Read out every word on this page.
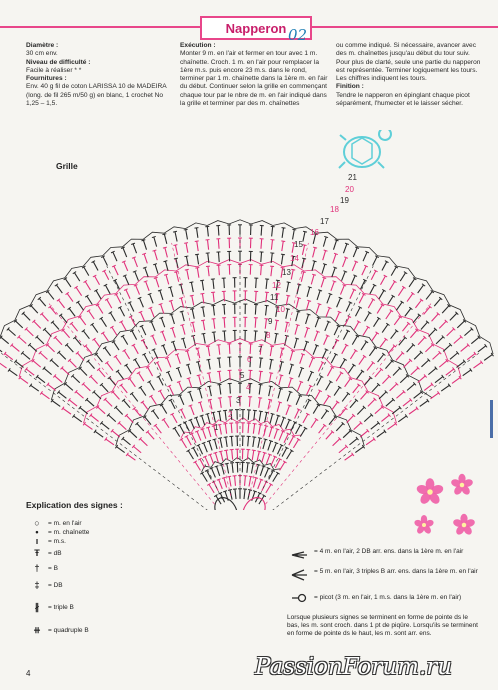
Napperon 02
Diamètre :
30 cm env.
Niveau de difficulté :
Facile à réaliser * *
Fournitures :
Env. 40 g fil de coton LARISSA 10 de MADEIRA (long. de fil 265 m/50 g) en blanc, 1 crochet No 1,25 – 1,5.
Exécution :
Monter 9 m. en l'air et fermer en tour avec 1 m. chaînette. Croch. 1 m. en l'air pour remplacer la 1ère m.s. puis encore 23 m.s. dans le rond, terminer par 1 m. chaînette dans la 1ère m. en l'air du début. Continuer selon la grille en commençant chaque tour par le nbre de m. en l'air indiqué dans la grille et terminer par des m. chaînettes
ou comme indiqué. Si nécessaire, avancer avec des m. chaînettes jusqu'au début du tour suiv. Pour plus de clarté, seule une partie du napperon est représentée. Terminer logiquement les tours. Les chiffres indiquent les tours.
Finition :
Tendre le napperon en épinglant chaque picot séparément, l'humecter et le laisser sécher.
Grille
1
2
3
4
5
6
7
8
9
10
11
12
13
14
15
16
17
18
19
20
21
Explication des signes :
○	= m. en l'air
•	= m. chaînette
ı	= m.s.
Ŧ	= dB
†	= B
‡	= DB
∦	= triple B
⧺	= quadruple B
= 4 m. en l'air, 2 DB arr. ens. dans la 1ère m. en l'air
= 5 m. en l'air, 3 triples B arr. ens. dans la 1ère m. en l'air
= picot (3 m. en l'air, 1 m.s. dans la 1ère m. en l'air)
Lorsque plusieurs signes se terminent en forme de pointe ds le bas, les m. sont croch. dans 1 pt de piqûre. Lorsqu'ils se terminent en forme de pointe ds le haut, les m. sont arr. ens.
4	PassionForum.ru
